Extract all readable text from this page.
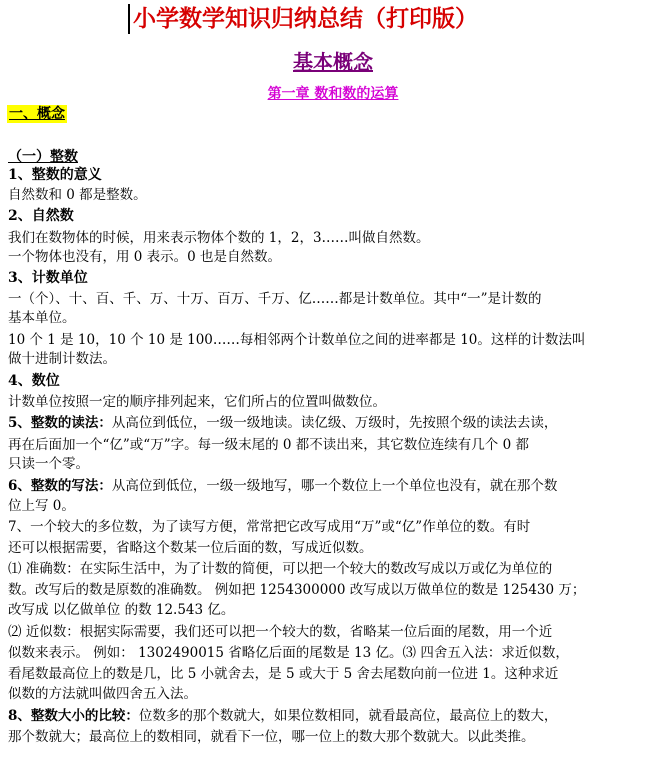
小学数学知识归纳总结（打印版）
基本概念
第一章 数和数的运算
一、概念
（一）整数
1、整数的意义
自然数和 0 都是整数。
2、自然数
我们在数物体的时候，用来表示物体个数的 1，2，3……叫做自然数。
一个物体也没有，用 0 表示。0 也是自然数。
3、计数单位
一（个）、十、百、千、万、十万、百万、千万、亿……都是计数单位。其中“一”是计数的
基本单位。
10 个 1 是 10，10 个 10 是 100……每相邻两个计数单位之间的进率都是 10。这样的计数法叫
做十进制计数法。
4、数位
计数单位按照一定的顺序排列起来，它们所占的位置叫做数位。
5、整数的读法：从高位到低位，一级一级地读。读亿级、万级时，先按照个级的读法去读，
再在后面加一个“亿”或“万”字。每一级末尾的 0 都不读出来，其它数位连续有几个 0 都
只读一个零。
6、整数的写法：从高位到低位，一级一级地写，哪一个数位上一个单位也没有，就在那个数
位上写 0。
7、一个较大的多位数，为了读写方便，常常把它改写成用“万”或“亿”作单位的数。有时
还可以根据需要，省略这个数某一位后面的数，写成近似数。
⑴ 准确数：在实际生活中，为了计数的简便，可以把一个较大的数改写成以万或亿为单位的
数。改写后的数是原数的准确数。 例如把 1254300000 改写成以万做单位的数是 125430 万；
改写成 以亿做单位 的数 12.543 亿。
⑵ 近似数：根据实际需要，我们还可以把一个较大的数，省略某一位后面的尾数，用一个近
似数来表示。 例如： 1302490015 省略亿后面的尾数是 13 亿。⑶ 四舍五入法：求近似数，
看尾数最高位上的数是几，比 5 小就舍去，是 5 或大于 5 舍去尾数向前一位进 1。这种求近
似数的方法就叫做四舍五入法。
8、整数大小的比较：位数多的那个数就大，如果位数相同，就看最高位，最高位上的数大，
那个数就大；最高位上的数相同，就看下一位，哪一位上的数大那个数就大。以此类推。
